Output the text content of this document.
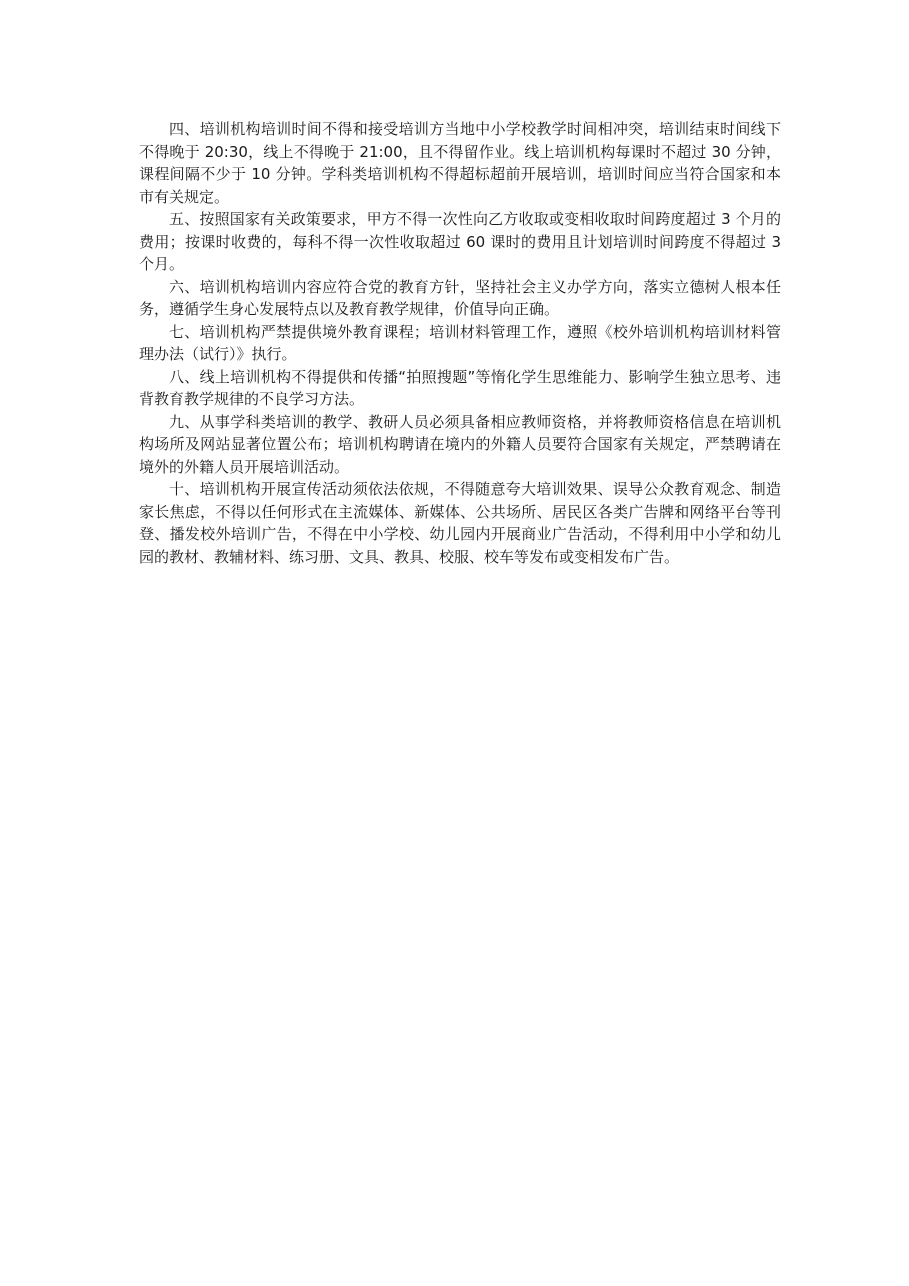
四、培训机构培训时间不得和接受培训方当地中小学校教学时间相冲突，培训结束时间线下不得晚于 20:30，线上不得晚于 21:00，且不得留作业。线上培训机构每课时不超过 30 分钟，课程间隔不少于 10 分钟。学科类培训机构不得超标超前开展培训，培训时间应当符合国家和本市有关规定。

五、按照国家有关政策要求，甲方不得一次性向乙方收取或变相收取时间跨度超过 3 个月的费用；按课时收费的，每科不得一次性收取超过 60 课时的费用且计划培训时间跨度不得超过 3 个月。

六、培训机构培训内容应符合党的教育方针，坚持社会主义办学方向，落实立德树人根本任务，遵循学生身心发展特点以及教育教学规律，价值导向正确。

七、培训机构严禁提供境外教育课程；培训材料管理工作，遵照《校外培训机构培训材料管理办法（试行）》执行。

八、线上培训机构不得提供和传播“拍照搜题”等惰化学生思维能力、影响学生独立思考、违背教育教学规律的不良学习方法。

九、从事学科类培训的教学、教研人员必须具备相应教师资格，并将教师资格信息在培训机构场所及网站显著位置公布；培训机构聘请在境内的外籍人员要符合国家有关规定，严禁聘请在境外的外籍人员开展培训活动。

十、培训机构开展宣传活动须依法依规，不得随意夸大培训效果、误导公众教育观念、制造家长焦虑，不得以任何形式在主流媒体、新媒体、公共场所、居民区各类广告牌和网络平台等刊登、播发校外培训广告，不得在中小学校、幼儿园内开展商业广告活动，不得利用中小学和幼儿园的教材、教辅材料、练习册、文具、教具、校服、校车等发布或变相发布广告。
